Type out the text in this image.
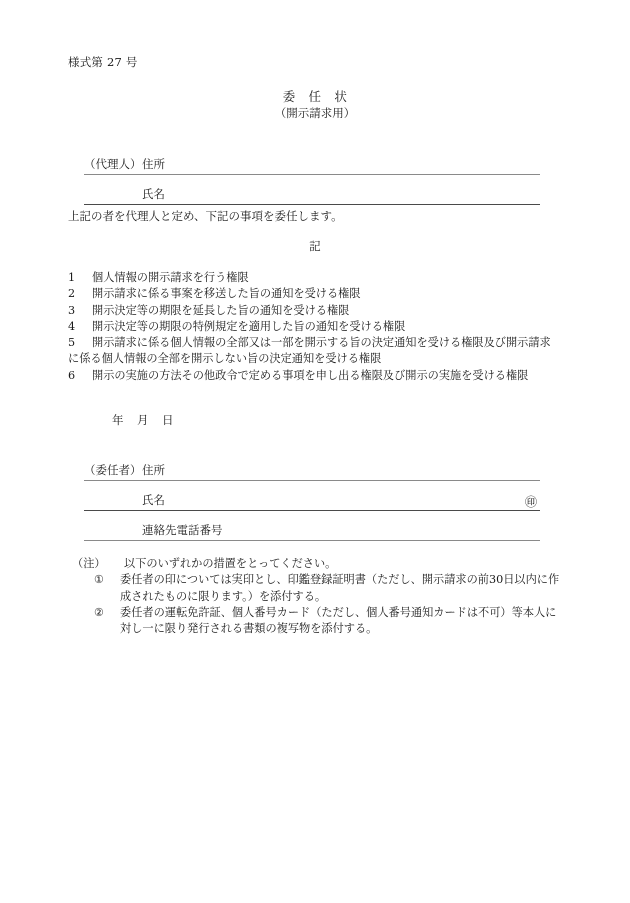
様式第 27 号
委　任　状
（開示請求用）
（代理人） 住所

氏名

上記の者を代理人と定め、下記の事項を委任します。
記
1	個人情報の開示請求を行う権限
2	開示請求に係る事案を移送した旨の通知を受ける権限
3	開示決定等の期限を延長した旨の通知を受ける権限
4	開示決定等の期限の特例規定を適用した旨の通知を受ける権限
5	開示請求に係る個人情報の全部又は一部を開示する旨の決定通知を受ける権限及び開示請求
に係る個人情報の全部を開示しない旨の決定通知を受ける権限
6	開示の実施の方法その他政令で定める事項を申し出る権限及び開示の実施を受ける権限
年　月　日
（委任者） 住所

氏名
	㊞
連絡先電話番号

（注）	以下のいずれかの措置をとってください。
①	委任者の印については実印とし、印鑑登録証明書（ただし、開示請求の前30日以内に作
成されたものに限ります。）を添付する。
②	委任者の運転免許証、個人番号カード（ただし、個人番号通知カードは不可）等本人に
対し一に限り発行される書類の複写物を添付する。
